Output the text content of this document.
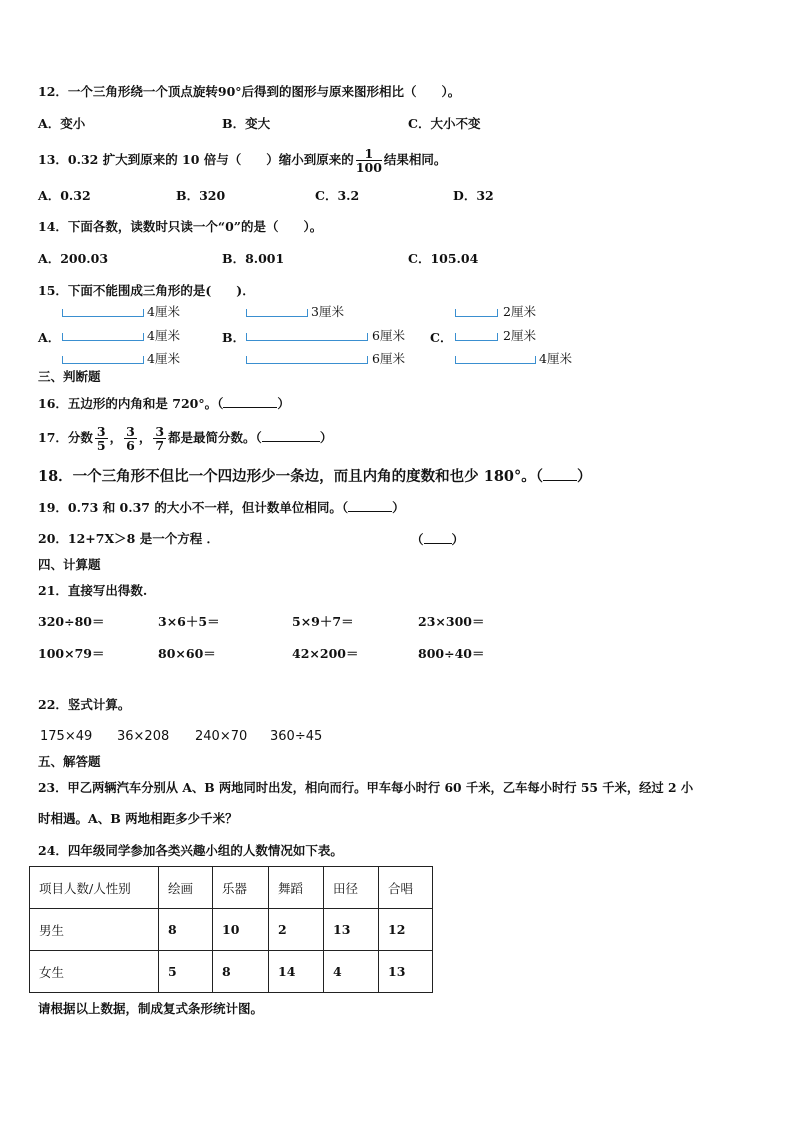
12．一个三角形绕一个顶点旋转90°后得到的图形与原来图形相比（　　）。
A．变小	B．变大	C．大小不变
13．0.32 扩大到原来的 10 倍与（　　）缩小到原来的 $\frac{1}{100}$ 结果相同。
A．0.32	B．320	C．3.2	D．32
14．下面各数，读数时只读一个“0”的是（　　）。
A．200.03	B．8.001	C．105.04
15．下面不能围成三角形的是(　　)．
A．	B．	C．
4厘米
4厘米
4厘米
3厘米
6厘米
6厘米
2厘米
2厘米
4厘米
三、判断题
16．五边形的内角和是 720°。（	）
17．分数 $\frac{3}{5}$ ， $\frac{3}{6}$ ， $\frac{3}{7}$ 都是最简分数。（	）
18．一个三角形不但比一个四边形少一条边，而且内角的度数和也少 180°。（ ）
19．0.73 和 0.37 的大小不一样，但计数单位相同。（	）
20．12+7X＞8 是一个方程 ．	（ ）
四、计算题
21．直接写出得数.
320÷80＝	3×6＋5＝	5×9＋7＝	23×300＝
100×79＝	80×60＝	42×200＝	800÷40＝
22．竖式计算。
175×49 36×208 240×70 360÷45
五、解答题
23．甲乙两辆汽车分别从 A、B 两地同时出发，相向而行。甲车每小时行 60 千米，乙车每小时行 55 千米，经过 2 小
时相遇。A、B 两地相距多少千米？
24．四年级同学参加各类兴趣小组的人数情况如下表。
项目人数/人性别	绘画	乐器	舞蹈	田径	合唱
男生	8	10	2	13	12
女生	5	8	14	4	13
请根据以上数据，制成复式条形统计图。
